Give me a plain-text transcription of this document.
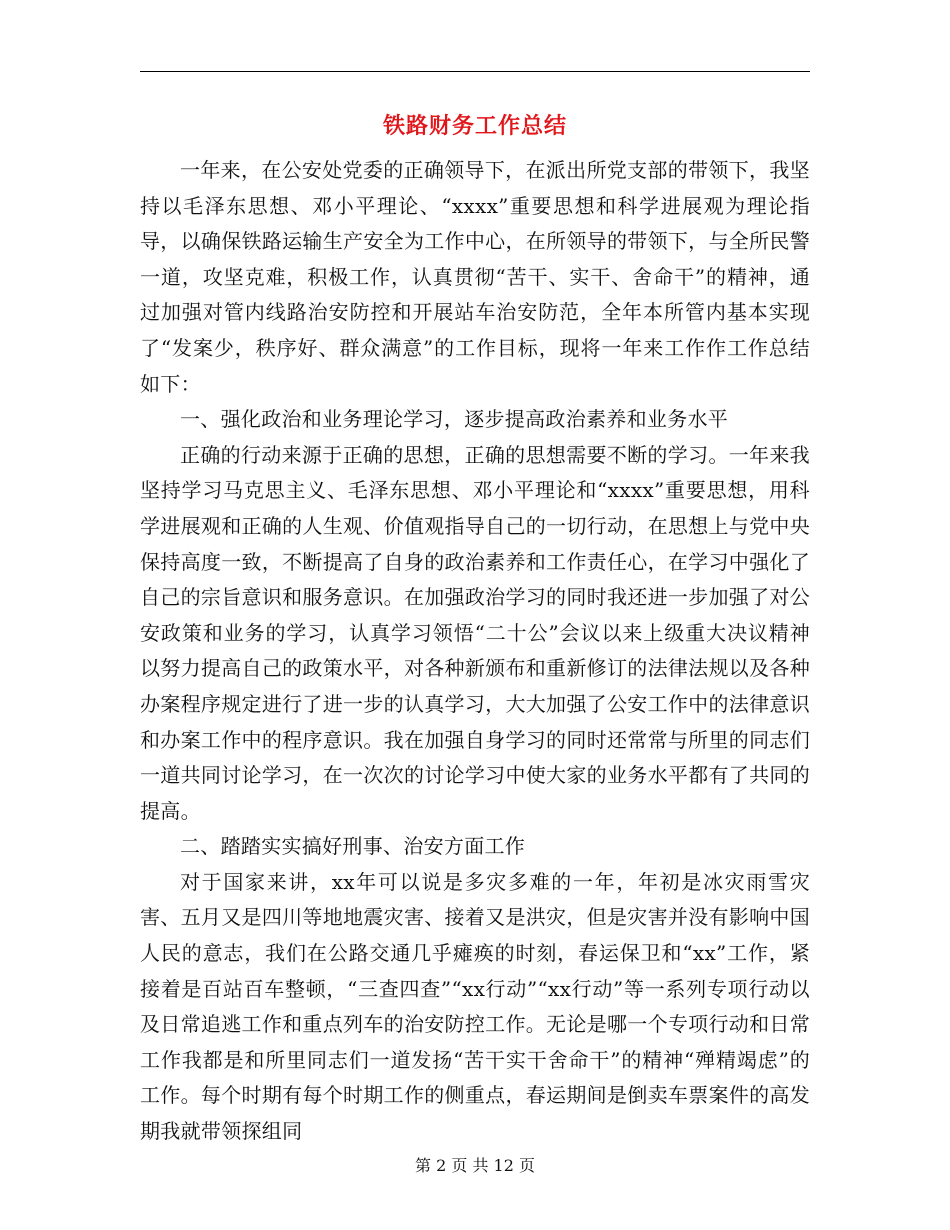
铁路财务工作总结

一年来，在公安处党委的正确领导下，在派出所党支部的带领下，我坚持以毛泽东思想、邓小平理论、“xxxx”重要思想和科学进展观为理论指导，以确保铁路运输生产安全为工作中心，在所领导的带领下，与全所民警一道，攻坚克难，积极工作，认真贯彻“苦干、实干、舍命干”的精神，通过加强对管内线路治安防控和开展站车治安防范，全年本所管内基本实现了“发案少，秩序好、群众满意”的工作目标，现将一年来工作作工作总结如下：

一、强化政治和业务理论学习，逐步提高政治素养和业务水平

正确的行动来源于正确的思想，正确的思想需要不断的学习。一年来我坚持学习马克思主义、毛泽东思想、邓小平理论和“xxxx”重要思想，用科学进展观和正确的人生观、价值观指导自己的一切行动，在思想上与党中央保持高度一致，不断提高了自身的政治素养和工作责任心，在学习中强化了自己的宗旨意识和服务意识。在加强政治学习的同时我还进一步加强了对公安政策和业务的学习，认真学习领悟“二十公”会议以来上级重大决议精神以努力提高自己的政策水平，对各种新颁布和重新修订的法律法规以及各种办案程序规定进行了进一步的认真学习，大大加强了公安工作中的法律意识和办案工作中的程序意识。我在加强自身学习的同时还常常与所里的同志们一道共同讨论学习，在一次次的讨论学习中使大家的业务水平都有了共同的提高。

二、踏踏实实搞好刑事、治安方面工作

对于国家来讲，xx年可以说是多灾多难的一年，年初是冰灾雨雪灾害、五月又是四川等地地震灾害、接着又是洪灾，但是灾害并没有影响中国人民的意志，我们在公路交通几乎瘫痪的时刻，春运保卫和“xx”工作，紧接着是百站百车整顿，“三查四查”“xx行动”“xx行动”等一系列专项行动以及日常追逃工作和重点列车的治安防控工作。无论是哪一个专项行动和日常工作我都是和所里同志们一道发扬“苦干实干舍命干”的精神“殚精竭虑”的工作。每个时期有每个时期工作的侧重点，春运期间是倒卖车票案件的高发期我就带领探组同

第 2 页 共 12 页
